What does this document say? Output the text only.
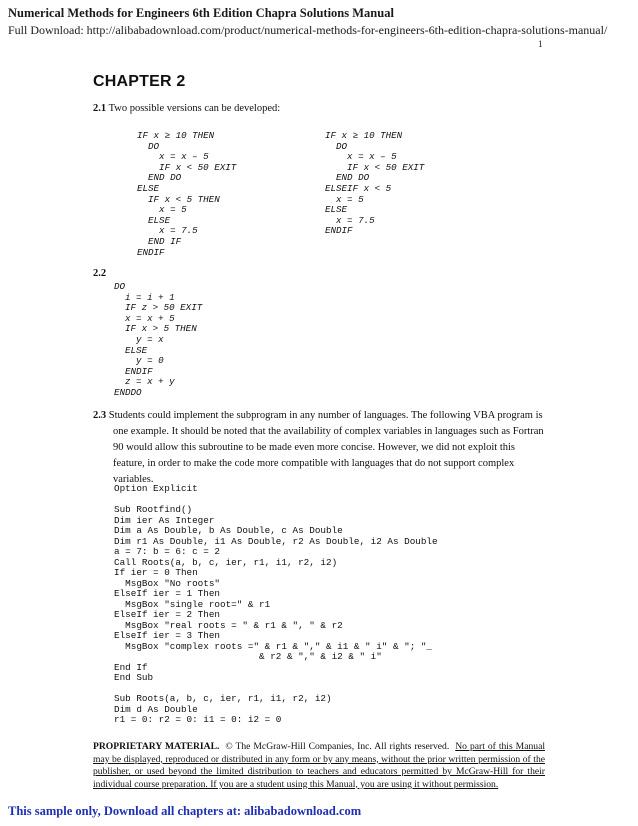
Numerical Methods for Engineers 6th Edition Chapra Solutions Manual
Full Download: http://alibabadownload.com/product/numerical-methods-for-engineers-6th-edition-chapra-solutions-manual/
1
CHAPTER 2
2.1 Two possible versions can be developed:
IF x ≥ 10 THEN
DO
x = x – 5
IF x < 50 EXIT
END DO
ELSE
IF x < 5 THEN
x = 5
ELSE
x = 7.5
END IF
ENDIF
IF x ≥ 10 THEN
DO
x = x – 5
IF x < 50 EXIT
END DO
ELSEIF x < 5
x = 5
ELSE
x = 7.5
ENDIF
2.2
DO
i = i + 1
IF z > 50 EXIT
x = x + 5
IF x > 5 THEN
y = x
ELSE
y = 0
ENDIF
z = x + y
ENDDO
2.3 Students could implement the subprogram in any number of languages. The following VBA program is one example. It should be noted that the availability of complex variables in languages such as Fortran 90 would allow this subroutine to be made even more concise. However, we did not exploit this feature, in order to make the code more compatible with languages that do not support complex variables.
Option Explicit

Sub Rootfind()
Dim ier As Integer
Dim a As Double, b As Double, c As Double
Dim r1 As Double, i1 As Double, r2 As Double, i2 As Double
a = 7: b = 6: c = 2
Call Roots(a, b, c, ier, r1, i1, r2, i2)
If ier = 0 Then
MsgBox "No roots"
ElseIf ier = 1 Then
MsgBox "single root=" & r1
ElseIf ier = 2 Then
MsgBox "real roots = " & r1 & ", " & r2
ElseIf ier = 3 Then
MsgBox "complex roots =" & r1 & "," & i1 & " i" & "; "_
& r2 & "," & i2 & " i"
End If
End Sub

Sub Roots(a, b, c, ier, r1, i1, r2, i2)
Dim d As Double
r1 = 0: r2 = 0: i1 = 0: i2 = 0
PROPRIETARY MATERIAL. © The McGraw-Hill Companies, Inc. All rights reserved. No part of this Manual may be displayed, reproduced or distributed in any form or by any means, without the prior written permission of the publisher, or used beyond the limited distribution to teachers and educators permitted by McGraw-Hill for their individual course preparation. If you are a student using this Manual, you are using it without permission.
This sample only, Download all chapters at: alibabadownload.com
